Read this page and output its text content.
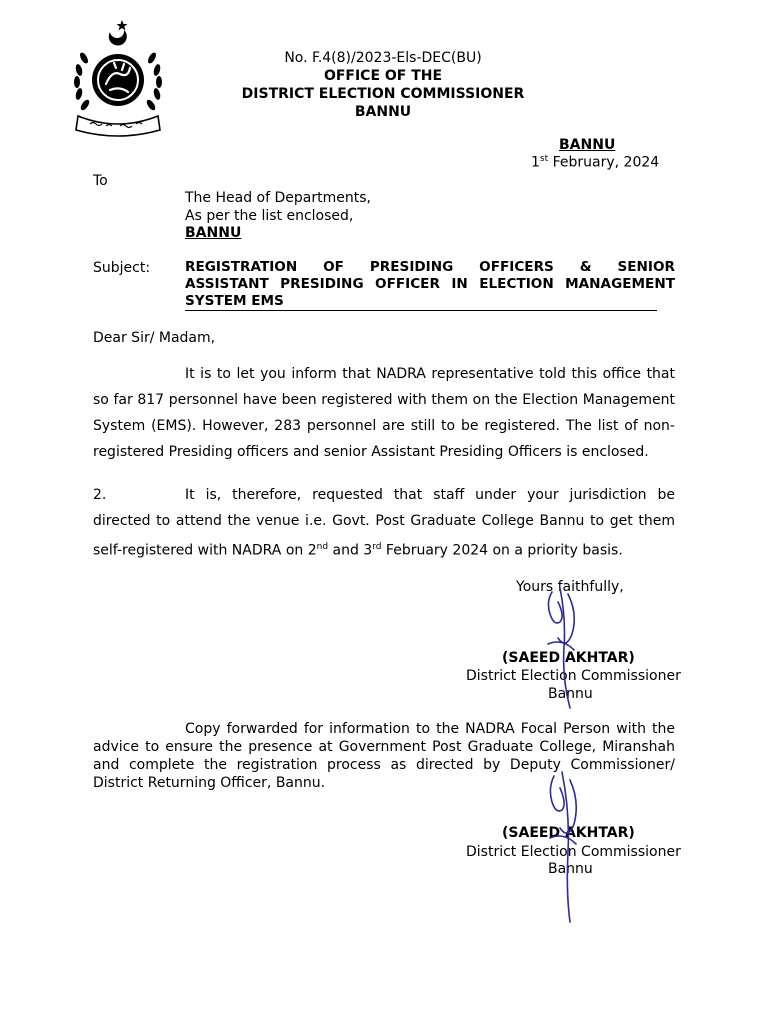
No. F.4(8)/2023-Els-DEC(BU)
OFFICE OF THE
DISTRICT ELECTION COMMISSIONER
BANNU
BANNU
1st February, 2024
To
The Head of Departments,
As per the list enclosed,
BANNU
Subject:	REGISTRATION OF PRESIDING OFFICERS & SENIOR
ASSISTANT PRESIDING OFFICER IN ELECTION MANAGEMENT
SYSTEM EMS
Dear Sir/ Madam,
It is to let you inform that NADRA representative told this office that so far 817 personnel have been registered with them on the Election Management System (EMS). However, 283 personnel are still to be registered. The list of non-registered Presiding officers and senior Assistant Presiding Officers is enclosed.
2.	It is, therefore, requested that staff under your jurisdiction be directed to attend the venue i.e. Govt. Post Graduate College Bannu to get them self-registered with NADRA on 2nd and 3rd February 2024 on a priority basis.
Yours faithfully,
(SAEED AKHTAR)
District Election Commissioner
Bannu
Copy forwarded for information to the NADRA Focal Person with the advice to ensure the presence at Government Post Graduate College, Miranshah and complete the registration process as directed by Deputy Commissioner/ District Returning Officer, Bannu.
(SAEED AKHTAR)
District Election Commissioner
Bannu
